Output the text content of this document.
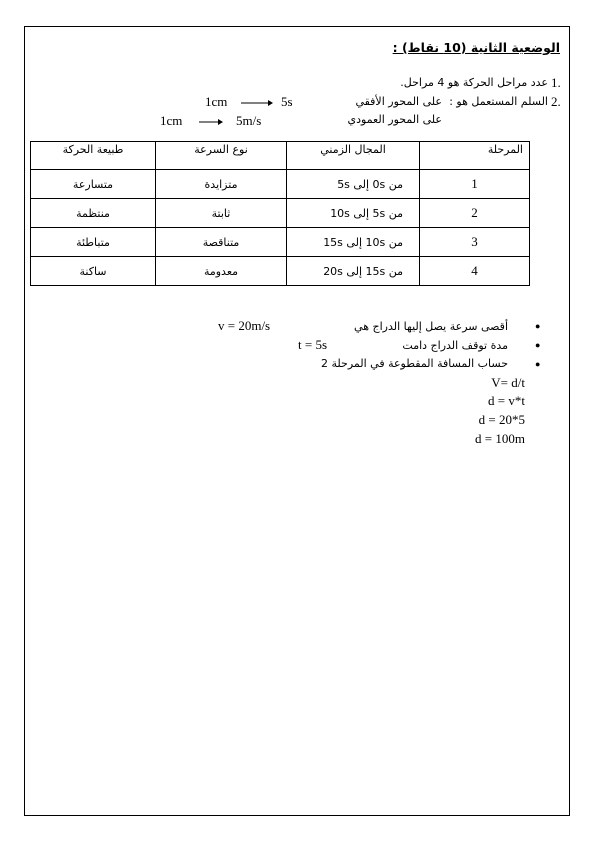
الوضعية الثانية (10 نقاط) :
1.
عدد مراحل الحركة هو 4 مراحل.
2.
السلم المستعمل هو :
على المحور الأفقي
على المحور العمودي
1cm	5s
1cm	5m/s
طبيعة الحركة	نوع السرعة	المجال الزمني	المرحلة
متسارعة	متزايدة	من 0s إلى 5s	1
منتظمة	ثابتة	من 5s إلى 10s	2
متباطئة	متناقصة	من 10s إلى 15s	3
ساكنة	معدومة	من 15s إلى 20s	4
●
أقصى سرعة يصل إليها الدراج هي
v = 20m/s
●
مدة توقف الدراج دامت
t = 5s
●
حساب المسافة المقطوعة في المرحلة 2
V= d/t
d = v*t
d = 20*5
d = 100m
